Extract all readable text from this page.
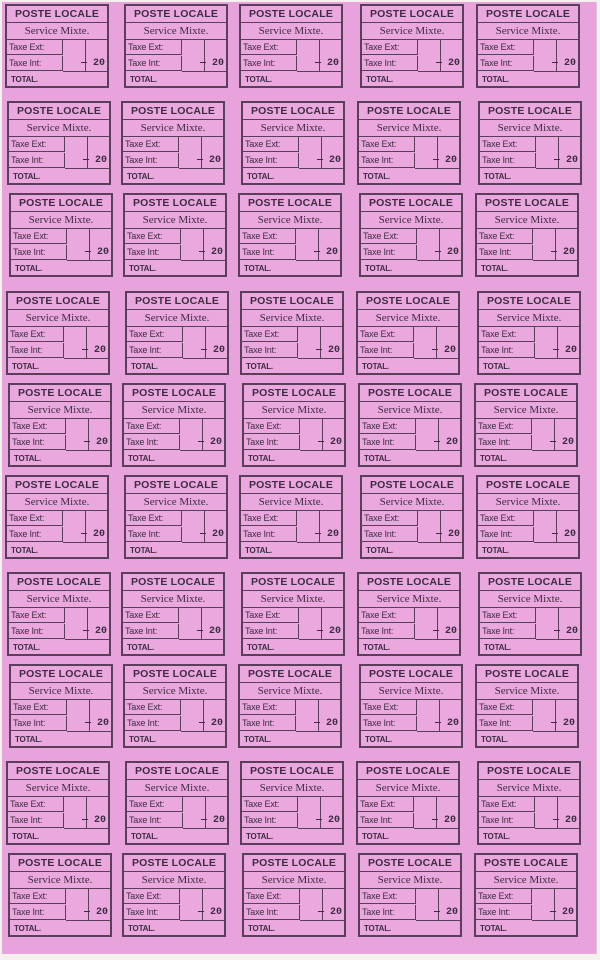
POSTE LOCALE
Service Mixte.
Taxe Ext:
Taxe Int:	— 20
TOTAL.
POSTE LOCALE
Service Mixte.
Taxe Ext:
Taxe Int:	— 20
TOTAL.
POSTE LOCALE
Service Mixte.
Taxe Ext:
Taxe Int:	— 20
TOTAL.
POSTE LOCALE
Service Mixte.
Taxe Ext:
Taxe Int:	— 20
TOTAL.
POSTE LOCALE
Service Mixte.
Taxe Ext:
Taxe Int:	— 20
TOTAL.
POSTE LOCALE
Service Mixte.
Taxe Ext:
Taxe Int:	— 20
TOTAL.
POSTE LOCALE
Service Mixte.
Taxe Ext:
Taxe Int:	— 20
TOTAL.
POSTE LOCALE
Service Mixte.
Taxe Ext:
Taxe Int:	— 20
TOTAL.
POSTE LOCALE
Service Mixte.
Taxe Ext:
Taxe Int:	— 20
TOTAL.
POSTE LOCALE
Service Mixte.
Taxe Ext:
Taxe Int:	— 20
TOTAL.
POSTE LOCALE
Service Mixte.
Taxe Ext:
Taxe Int:	— 20
TOTAL.
POSTE LOCALE
Service Mixte.
Taxe Ext:
Taxe Int:	— 20
TOTAL.
POSTE LOCALE
Service Mixte.
Taxe Ext:
Taxe Int:	— 20
TOTAL.
POSTE LOCALE
Service Mixte.
Taxe Ext:
Taxe Int:	— 20
TOTAL.
POSTE LOCALE
Service Mixte.
Taxe Ext:
Taxe Int:	— 20
TOTAL.
POSTE LOCALE
Service Mixte.
Taxe Ext:
Taxe Int:	— 20
TOTAL.
POSTE LOCALE
Service Mixte.
Taxe Ext:
Taxe Int:	— 20
TOTAL.
POSTE LOCALE
Service Mixte.
Taxe Ext:
Taxe Int:	— 20
TOTAL.
POSTE LOCALE
Service Mixte.
Taxe Ext:
Taxe Int:	— 20
TOTAL.
POSTE LOCALE
Service Mixte.
Taxe Ext:
Taxe Int:	— 20
TOTAL.
POSTE LOCALE
Service Mixte.
Taxe Ext:
Taxe Int:	— 20
TOTAL.
POSTE LOCALE
Service Mixte.
Taxe Ext:
Taxe Int:	— 20
TOTAL.
POSTE LOCALE
Service Mixte.
Taxe Ext:
Taxe Int:	— 20
TOTAL.
POSTE LOCALE
Service Mixte.
Taxe Ext:
Taxe Int:	— 20
TOTAL.
POSTE LOCALE
Service Mixte.
Taxe Ext:
Taxe Int:	— 20
TOTAL.
POSTE LOCALE
Service Mixte.
Taxe Ext:
Taxe Int:	— 20
TOTAL.
POSTE LOCALE
Service Mixte.
Taxe Ext:
Taxe Int:	— 20
TOTAL.
POSTE LOCALE
Service Mixte.
Taxe Ext:
Taxe Int:	— 20
TOTAL.
POSTE LOCALE
Service Mixte.
Taxe Ext:
Taxe Int:	— 20
TOTAL.
POSTE LOCALE
Service Mixte.
Taxe Ext:
Taxe Int:	— 20
TOTAL.
POSTE LOCALE
Service Mixte.
Taxe Ext:
Taxe Int:	— 20
TOTAL.
POSTE LOCALE
Service Mixte.
Taxe Ext:
Taxe Int:	— 20
TOTAL.
POSTE LOCALE
Service Mixte.
Taxe Ext:
Taxe Int:	— 20
TOTAL.
POSTE LOCALE
Service Mixte.
Taxe Ext:
Taxe Int:	— 20
TOTAL.
POSTE LOCALE
Service Mixte.
Taxe Ext:
Taxe Int:	— 20
TOTAL.
POSTE LOCALE
Service Mixte.
Taxe Ext:
Taxe Int:	— 20
TOTAL.
POSTE LOCALE
Service Mixte.
Taxe Ext:
Taxe Int:	— 20
TOTAL.
POSTE LOCALE
Service Mixte.
Taxe Ext:
Taxe Int:	— 20
TOTAL.
POSTE LOCALE
Service Mixte.
Taxe Ext:
Taxe Int:	— 20
TOTAL.
POSTE LOCALE
Service Mixte.
Taxe Ext:
Taxe Int:	— 20
TOTAL.
POSTE LOCALE
Service Mixte.
Taxe Ext:
Taxe Int:	— 20
TOTAL.
POSTE LOCALE
Service Mixte.
Taxe Ext:
Taxe Int:	— 20
TOTAL.
POSTE LOCALE
Service Mixte.
Taxe Ext:
Taxe Int:	— 20
TOTAL.
POSTE LOCALE
Service Mixte.
Taxe Ext:
Taxe Int:	— 20
TOTAL.
POSTE LOCALE
Service Mixte.
Taxe Ext:
Taxe Int:	— 20
TOTAL.
POSTE LOCALE
Service Mixte.
Taxe Ext:
Taxe Int:	— 20
TOTAL.
POSTE LOCALE
Service Mixte.
Taxe Ext:
Taxe Int:	— 20
TOTAL.
POSTE LOCALE
Service Mixte.
Taxe Ext:
Taxe Int:	— 20
TOTAL.
POSTE LOCALE
Service Mixte.
Taxe Ext:
Taxe Int:	— 20
TOTAL.
POSTE LOCALE
Service Mixte.
Taxe Ext:
Taxe Int:	— 20
TOTAL.
